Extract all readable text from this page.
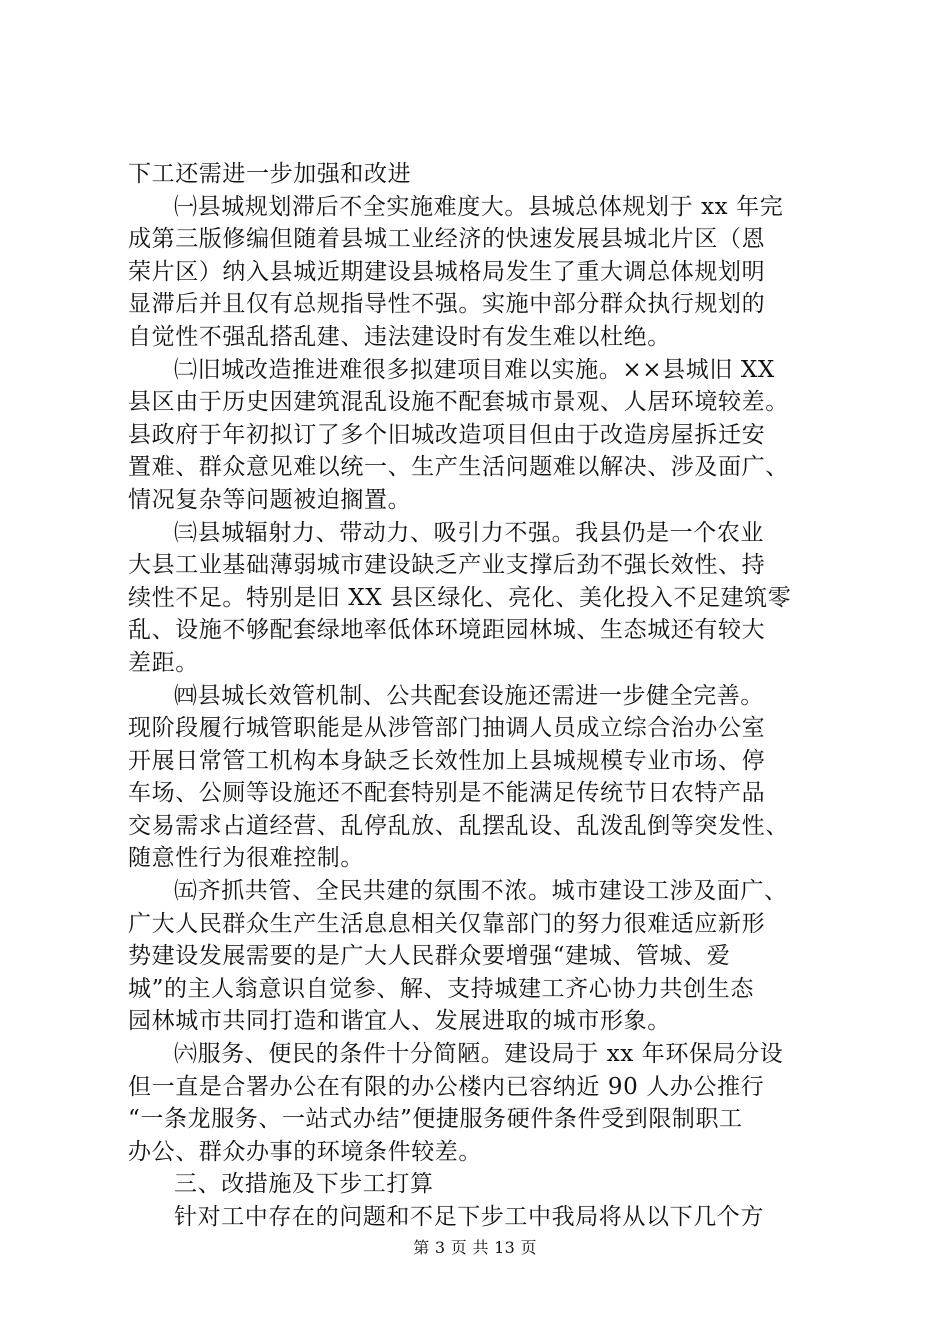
下工还需进一步加强和改进
㈠县城规划滞后不全实施难度大。县城总体规划于 xx 年完
成第三版修编但随着县城工业经济的快速发展县城北片区（恩
荣片区）纳入县城近期建设县城格局发生了重大调总体规划明
显滞后并且仅有总规指导性不强。实施中部分群众执行规划的
自觉性不强乱搭乱建、违法建设时有发生难以杜绝。
㈡旧城改造推进难很多拟建项目难以实施。××县城旧 XX
县区由于历史因建筑混乱设施不配套城市景观、人居环境较差。
县政府于年初拟订了多个旧城改造项目但由于改造房屋拆迁安
置难、群众意见难以统一、生产生活问题难以解决、涉及面广、
情况复杂等问题被迫搁置。
㈢县城辐射力、带动力、吸引力不强。我县仍是一个农业
大县工业基础薄弱城市建设缺乏产业支撑后劲不强长效性、持
续性不足。特别是旧 XX 县区绿化、亮化、美化投入不足建筑零
乱、设施不够配套绿地率低体环境距园林城、生态城还有较大
差距。
㈣县城长效管机制、公共配套设施还需进一步健全完善。
现阶段履行城管职能是从涉管部门抽调人员成立综合治办公室
开展日常管工机构本身缺乏长效性加上县城规模专业市场、停
车场、公厕等设施还不配套特别是不能满足传统节日农特产品
交易需求占道经营、乱停乱放、乱摆乱设、乱泼乱倒等突发性、
随意性行为很难控制。
㈤齐抓共管、全民共建的氛围不浓。城市建设工涉及面广、
广大人民群众生产生活息息相关仅靠部门的努力很难适应新形
势建设发展需要的是广大人民群众要增强“建城、管城、爱
城”的主人翁意识自觉参、解、支持城建工齐心协力共创生态
园林城市共同打造和谐宜人、发展进取的城市形象。
㈥服务、便民的条件十分简陋。建设局于 xx 年环保局分设
但一直是合署办公在有限的办公楼内已容纳近 90 人办公推行
“一条龙服务、一站式办结”便捷服务硬件条件受到限制职工
办公、群众办事的环境条件较差。
三、改措施及下步工打算
针对工中存在的问题和不足下步工中我局将从以下几个方
第 3 页 共 13 页
